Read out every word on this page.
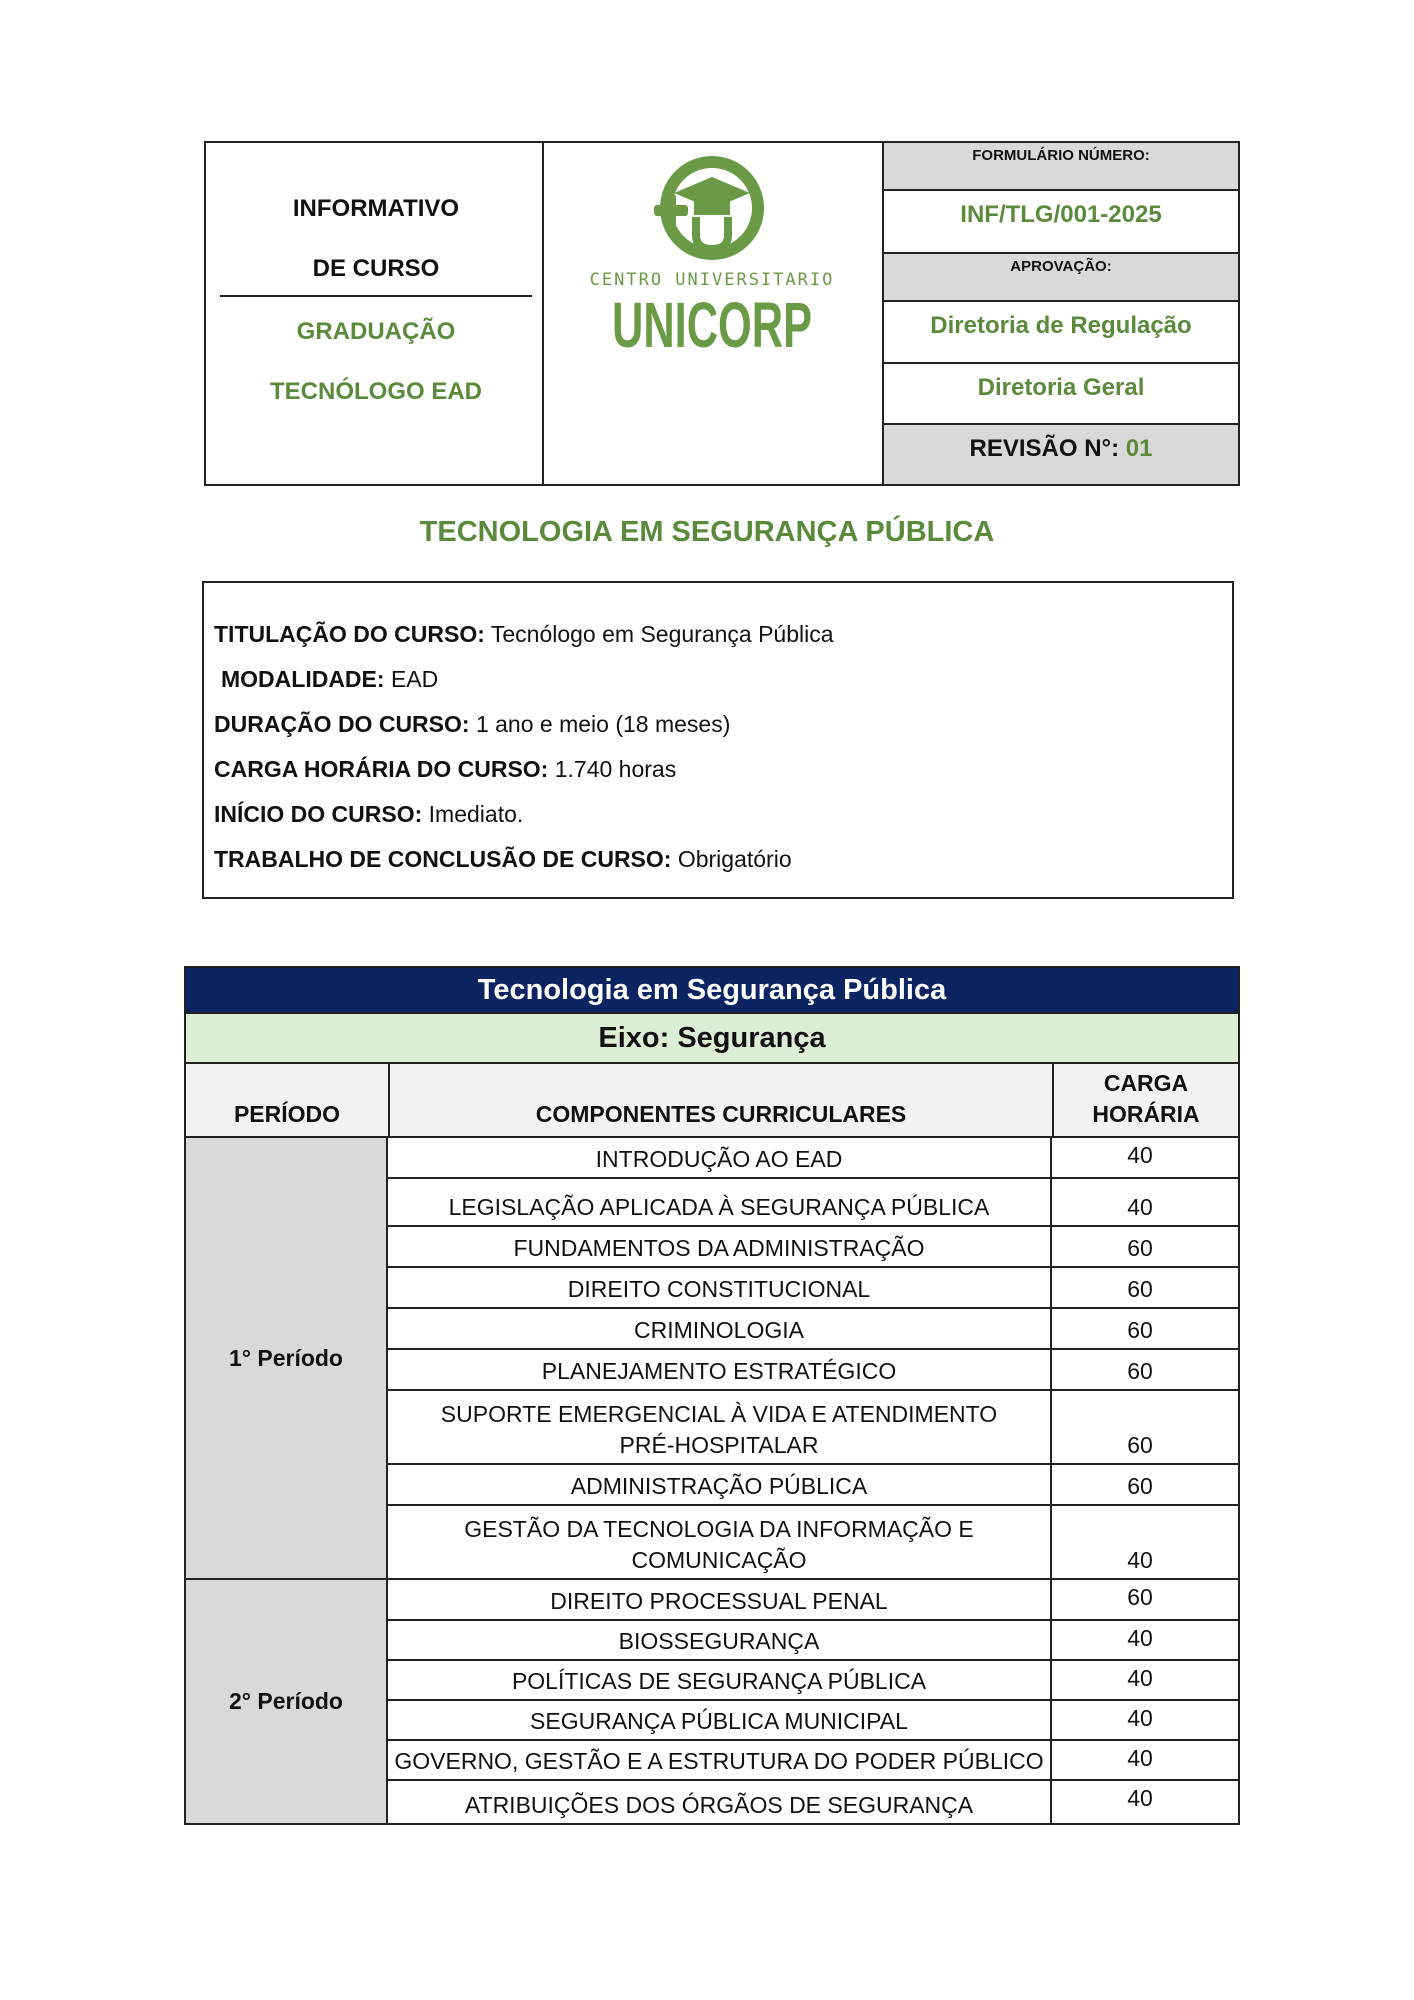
INFORMATIVO
DE CURSO
GRADUAÇÃO
TECNÓLOGO EAD
CENTRO UNIVERSITARIO
UNICORP
FORMULÁRIO NÚMERO:
INF/TLG/001-2025
APROVAÇÃO:
Diretoria de Regulação
Diretoria Geral
REVISÃO N°:
01
TECNOLOGIA EM SEGURANÇA PÚBLICA
TITULAÇÃO DO CURSO: Tecnólogo em Segurança Pública
MODALIDADE: EAD
DURAÇÃO DO CURSO: 1 ano e meio (18 meses)
CARGA HORÁRIA DO CURSO: 1.740 horas
INÍCIO DO CURSO: Imediato.
TRABALHO DE CONCLUSÃO DE CURSO: Obrigatório
Tecnologia em Segurança Pública
Eixo: Segurança
PERÍODO	COMPONENTES CURRICULARES
CARGA
HORÁRIA
1° Período
INTRODUÇÃO AO EAD	40
LEGISLAÇÃO APLICADA À SEGURANÇA PÚBLICA	40
FUNDAMENTOS DA ADMINISTRAÇÃO	60
DIREITO CONSTITUCIONAL	60
CRIMINOLOGIA	60
PLANEJAMENTO ESTRATÉGICO	60
SUPORTE EMERGENCIAL À VIDA E ATENDIMENTO PRÉ-HOSPITALAR	60
ADMINISTRAÇÃO PÚBLICA	60
GESTÃO DA TECNOLOGIA DA INFORMAÇÃO E COMUNICAÇÃO	40
2° Período
DIREITO PROCESSUAL PENAL	60
BIOSSEGURANÇA	40
POLÍTICAS DE SEGURANÇA PÚBLICA	40
SEGURANÇA PÚBLICA MUNICIPAL	40
GOVERNO, GESTÃO E A ESTRUTURA DO PODER PÚBLICO	40
ATRIBUIÇÕES DOS ÓRGÃOS DE SEGURANÇA	40
